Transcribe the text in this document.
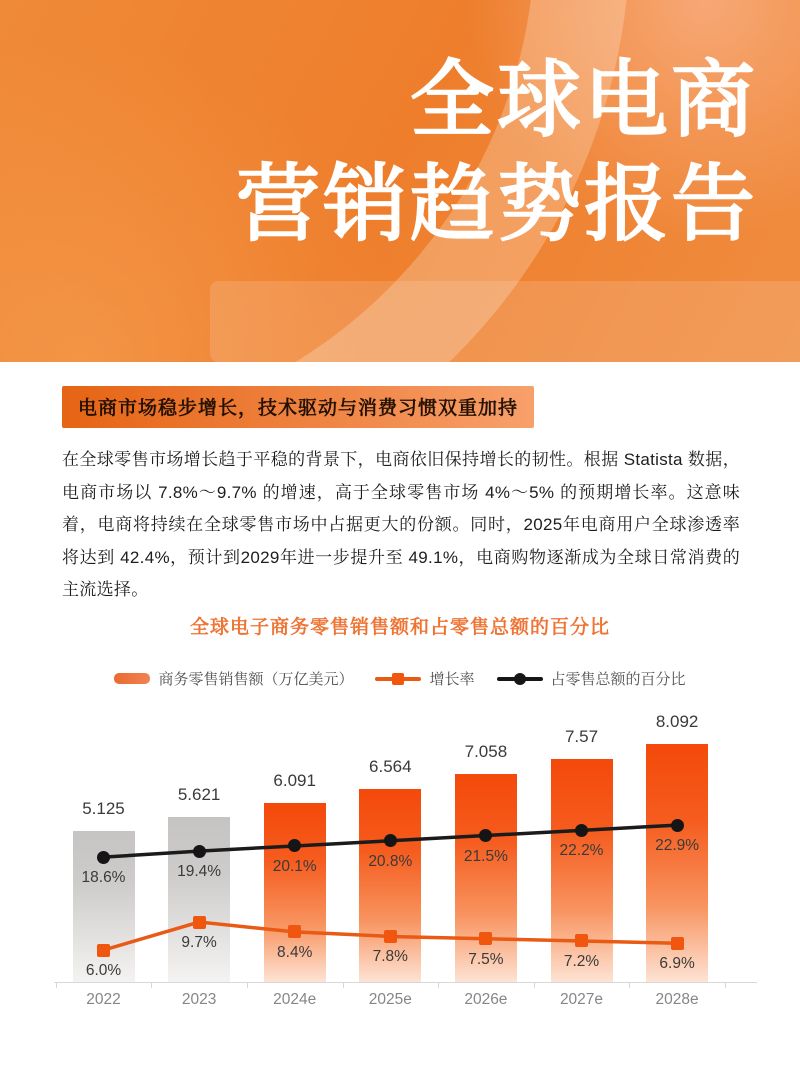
全球电商
营销趋势报告
电商市场稳步增长，技术驱动与消费习惯双重加持
在全球零售市场增长趋于平稳的背景下，电商依旧保持增长的韧性。根据 Statista 数据，电商市场以 7.8%～9.7% 的增速，高于全球零售市场 4%～5% 的预期增长率。这意味着，电商将持续在全球零售市场中占据更大的份额。同时，2025年电商用户全球渗透率将达到 42.4%，预计到2029年进一步提升至 49.1%，电商购物逐渐成为全球日常消费的主流选择。
全球电子商务零售销售额和占零售总额的百分比
商务零售销售额（万亿美元）	增长率	占零售总额的百分比
5.125
5.621
6.091
6.564
7.058
7.57
8.092
18.6%	19.4%	20.1%	20.8%	21.5%	22.2%	22.9%
6.0%
9.7%
8.4%	7.8%	7.5%	7.2%	6.9%
2022	2023	2024e	2025e	2026e	2027e	2028e
